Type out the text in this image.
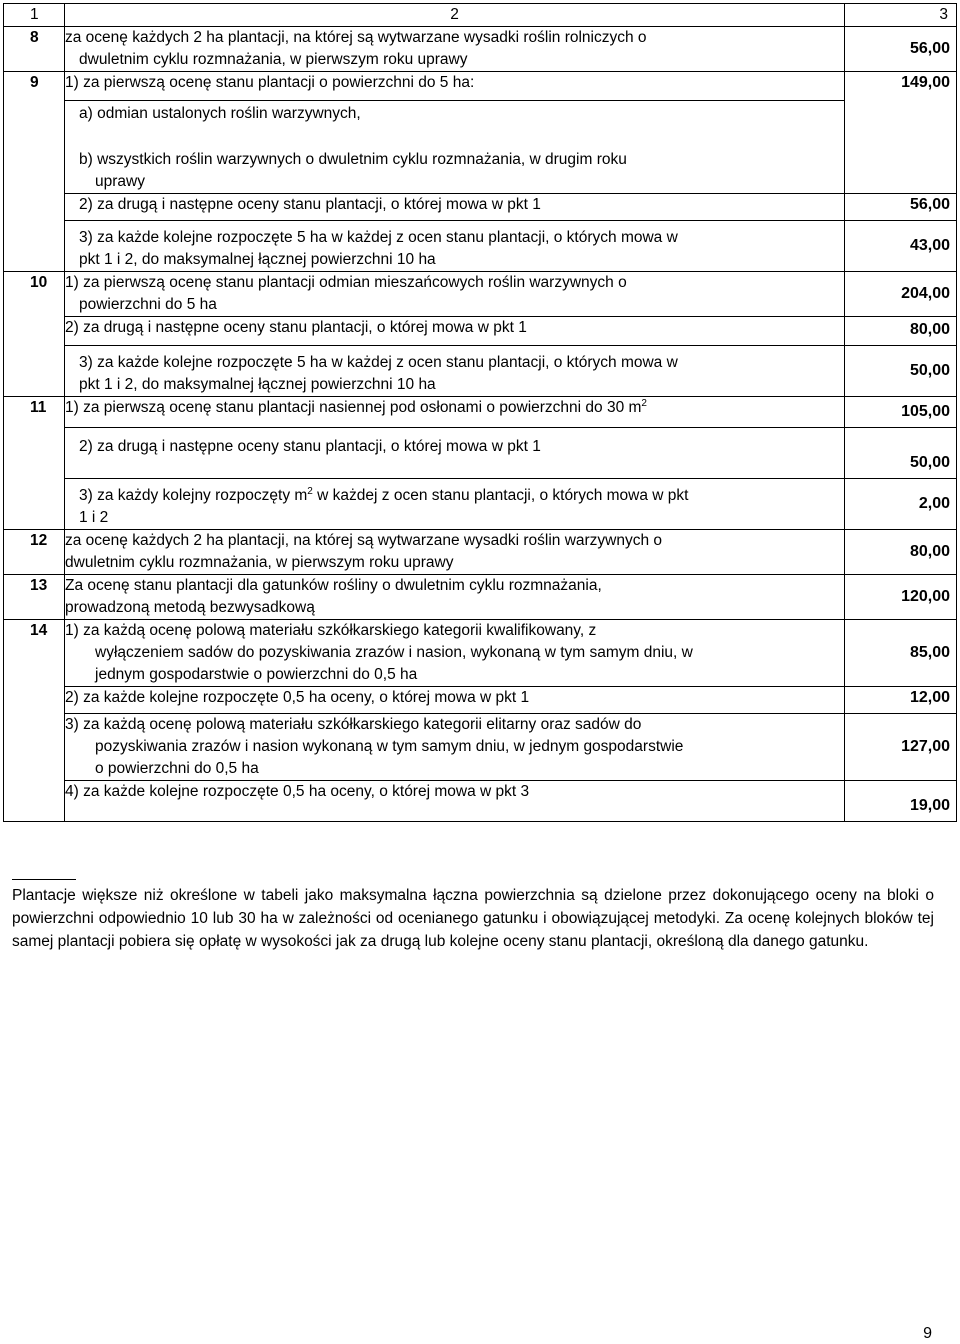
1	2	3
8	za ocenę każdych 2 ha plantacji, na której są wytwarzane wysadki roślin rolniczych o
dwuletnim cyklu rozmnażania, w pierwszym roku uprawy	56,00
9	1) za pierwszą ocenę stanu plantacji o powierzchni do 5 ha:	149,00

	a) odmian ustalonych roślin warzywnych,
b) wszystkich roślin warzywnych o dwuletnim cyklu rozmnażania, w drugim roku
uprawy	

	2) za drugą i następne oceny stanu plantacji, o której mowa w pkt 1	56,00

	3) za każde kolejne rozpoczęte 5 ha w każdej z ocen stanu plantacji, o których mowa w
pkt 1 i 2, do maksymalnej łącznej powierzchni 10 ha	43,00
10	1) za pierwszą ocenę stanu plantacji odmian mieszańcowych roślin warzywnych o
powierzchni do 5 ha	204,00

	2) za drugą i następne oceny stanu plantacji, o której mowa w pkt 1	80,00

	3) za każde kolejne rozpoczęte 5 ha w każdej z ocen stanu plantacji, o których mowa w
pkt 1 i 2, do maksymalnej łącznej powierzchni 10 ha	50,00
11	1) za pierwszą ocenę stanu plantacji nasiennej pod osłonami o powierzchni do 30 $m^2$	105,00

	2) za drugą i następne oceny stanu plantacji, o której mowa w pkt 1	50,00

	3) za każdy kolejny rozpoczęty $m^2$ w każdej z ocen stanu plantacji, o których mowa w pkt
1 i 2	2,00
12	za ocenę każdych 2 ha plantacji, na której są wytwarzane wysadki roślin warzywnych o
dwuletnim cyklu rozmnażania, w pierwszym roku uprawy	80,00
13	Za ocenę stanu plantacji dla gatunków rośliny o dwuletnim cyklu rozmnażania,
prowadzoną metodą bezwysadkową	120,00
14	1) za każdą ocenę polową materiału szkółkarskiego kategorii kwalifikowany, z
wyłączeniem sadów do pozyskiwania zrazów i nasion, wykonaną w tym samym dniu, w
jednym gospodarstwie o powierzchni do 0,5 ha	85,00

	2) za każde kolejne rozpoczęte 0,5 ha oceny, o której mowa w pkt 1	12,00

	3) za każdą ocenę polową materiału szkółkarskiego kategorii elitarny oraz sadów do
pozyskiwania zrazów i nasion wykonaną w tym samym dniu, w jednym gospodarstwie
o powierzchni do 0,5 ha	127,00

	4) za każde kolejne rozpoczęte 0,5 ha oceny, o której mowa w pkt 3	19,00
Plantacje większe niż określone w tabeli jako maksymalna łączna powierzchnia są dzielone przez dokonującego oceny na bloki o powierzchni odpowiednio 10 lub 30 ha w zależności od ocenianego gatunku i obowiązującej metodyki. Za ocenę kolejnych bloków tej samej plantacji pobiera się opłatę w wysokości jak za drugą lub kolejne oceny stanu plantacji, określoną dla danego gatunku.
9
